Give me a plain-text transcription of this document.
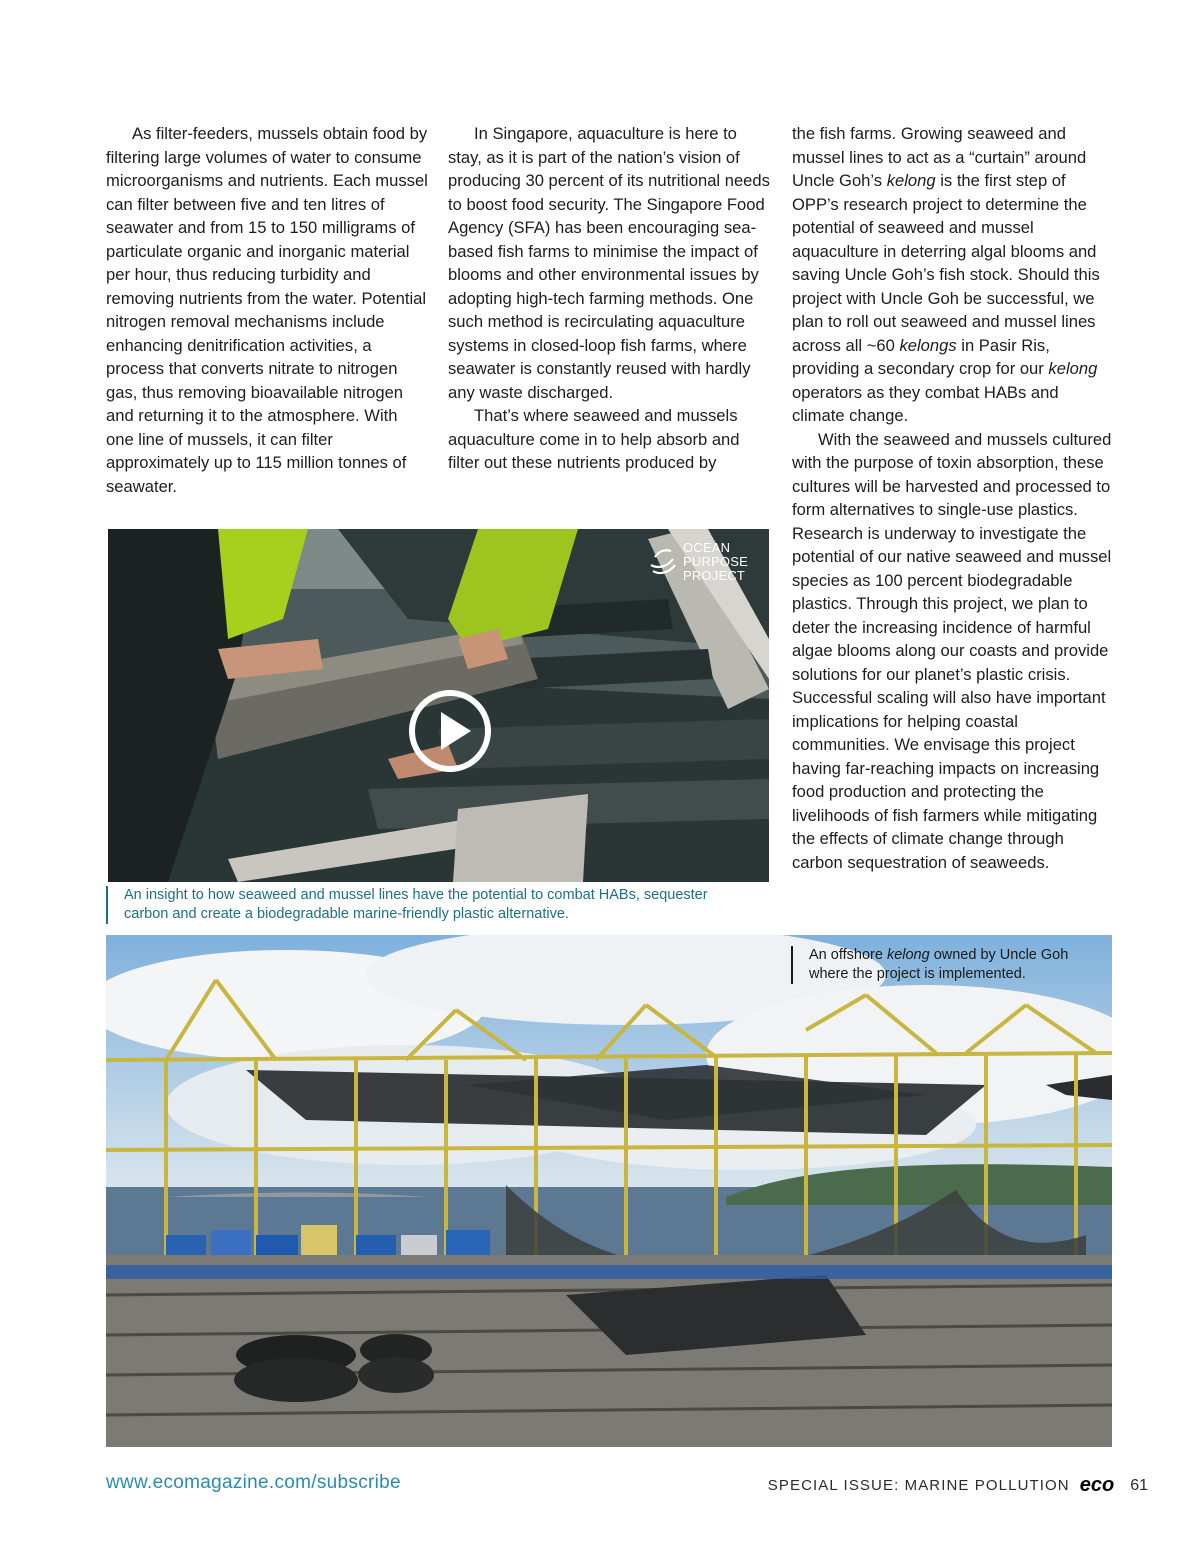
As filter-feeders, mussels obtain food by filtering large volumes of water to consume microorganisms and nutrients. Each mussel can filter between five and ten litres of seawater and from 15 to 150 milligrams of particulate organic and inorganic material per hour, thus reducing turbidity and removing nutrients from the water. Potential nitrogen removal mechanisms include enhancing denitrification activities, a process that converts nitrate to nitrogen gas, thus removing bioavailable nitrogen and returning it to the atmosphere. With one line of mussels, it can filter approximately up to 115 million tonnes of seawater.

In Singapore, aquaculture is here to stay, as it is part of the nation’s vision of producing 30 percent of its nutritional needs to boost food security. The Singapore Food Agency (SFA) has been encouraging sea-based fish farms to minimise the impact of blooms and other environmental issues by adopting high-tech farming methods. One such method is recirculating aquaculture systems in closed-loop fish farms, where seawater is constantly reused with hardly any waste discharged.

That’s where seaweed and mussels aquaculture come in to help absorb and filter out these nutrients produced by

the fish farms. Growing seaweed and mussel lines to act as a “curtain” around Uncle Goh’s kelong is the first step of OPP’s research project to determine the potential of seaweed and mussel aquaculture in deterring algal blooms and saving Uncle Goh’s fish stock. Should this project with Uncle Goh be successful, we plan to roll out seaweed and mussel lines across all ~60 kelongs in Pasir Ris, providing a secondary crop for our kelong operators as they combat HABs and climate change.

With the seaweed and mussels cultured with the purpose of toxin absorption, these cultures will be harvested and processed to form alternatives to single-use plastics. Research is underway to investigate the potential of our native seaweed and mussel species as 100 percent biodegradable plastics. Through this project, we plan to deter the increasing incidence of harmful algae blooms along our coasts and provide solutions for our planet’s plastic crisis. Successful scaling will also have important implications for helping coastal communities. We envisage this project having far-reaching impacts on increasing food production and protecting the livelihoods of fish farmers while mitigating the effects of climate change through carbon sequestration of seaweeds.

OCEAN
PURPOSE
PROJECT
An insight to how seaweed and mussel lines have the potential to combat HABs, sequester carbon and create a biodegradable marine-friendly plastic alternative.
An offshore kelong owned by Uncle Goh where the project is implemented.
www.ecomagazine.com/subscribe	SPECIAL ISSUE: MARINE POLLUTION eco 61
